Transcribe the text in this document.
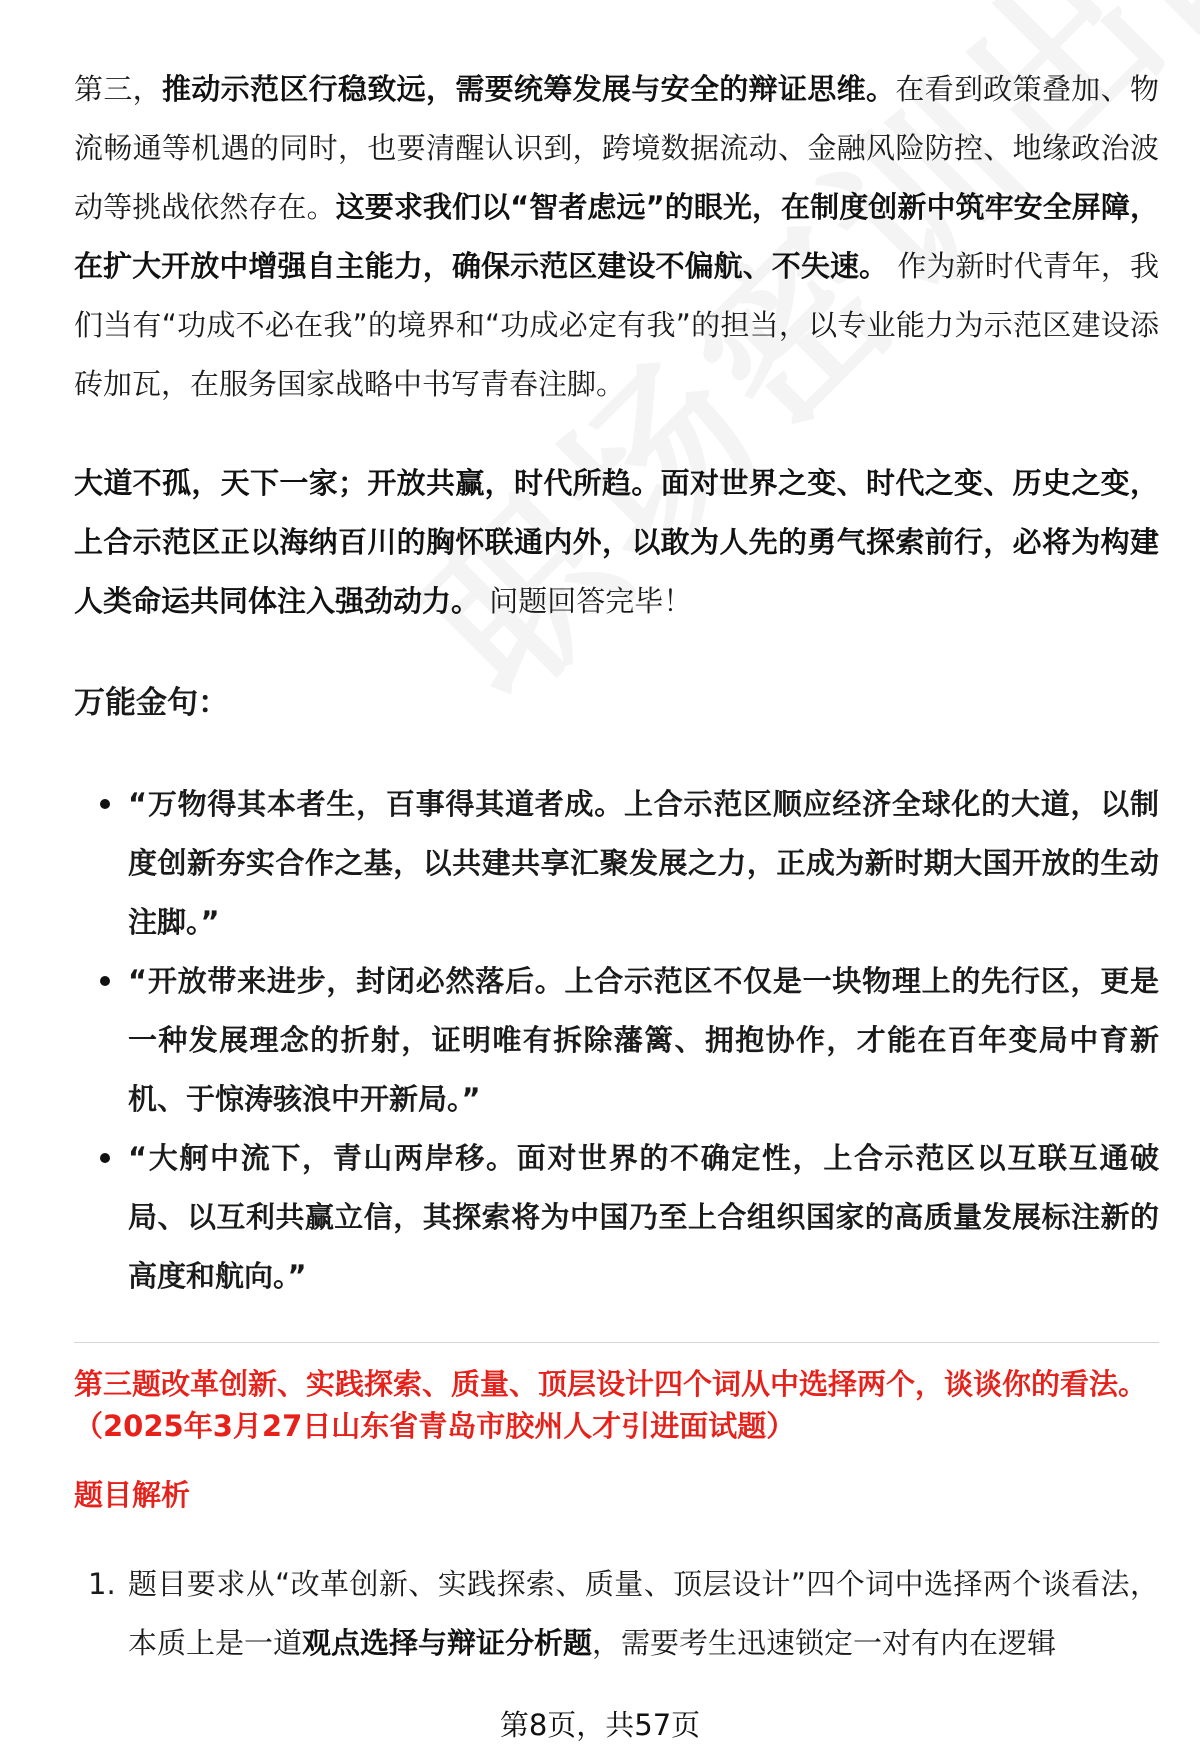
第三，推动示范区行稳致远，需要统筹发展与安全的辩证思维。在看到政策叠加、物流畅通等机遇的同时，也要清醒认识到，跨境数据流动、金融风险防控、地缘政治波动等挑战依然存在。这要求我们以“智者虑远”的眼光，在制度创新中筑牢安全屏障，在扩大开放中增强自主能力，确保示范区建设不偏航、不失速。 作为新时代青年，我们当有“功成不必在我”的境界和“功成必定有我”的担当，以专业能力为示范区建设添砖加瓦，在服务国家战略中书写青春注脚。

大道不孤，天下一家；开放共赢，时代所趋。面对世界之变、时代之变、历史之变，上合示范区正以海纳百川的胸怀联通内外，以敢为人先的勇气探索前行，必将为构建人类命运共同体注入强劲动力。 问题回答完毕！

万能金句：
“万物得其本者生，百事得其道者成。上合示范区顺应经济全球化的大道，以制度创新夯实合作之基，以共建共享汇聚发展之力，正成为新时期大国开放的生动注脚。”
“开放带来进步，封闭必然落后。上合示范区不仅是一块物理上的先行区，更是一种发展理念的折射，证明唯有拆除藩篱、拥抱协作，才能在百年变局中育新机、于惊涛骇浪中开新局。”
“大舸中流下，青山两岸移。面对世界的不确定性，上合示范区以互联互通破局、以互利共赢立信，其探索将为中国乃至上合组织国家的高质量发展标注新的高度和航向。”
第三题改革创新、实践探索、质量、顶层设计四个词从中选择两个，谈谈你的看法。 （2025年3月27日山东省青岛市胶州人才引进面试题）
题目解析
1. 题目要求从“改革创新、实践探索、质量、顶层设计”四个词中选择两个谈看法，本质上是一道观点选择与辩证分析题，需要考生迅速锁定一对有内在逻辑
第8页，共57页
